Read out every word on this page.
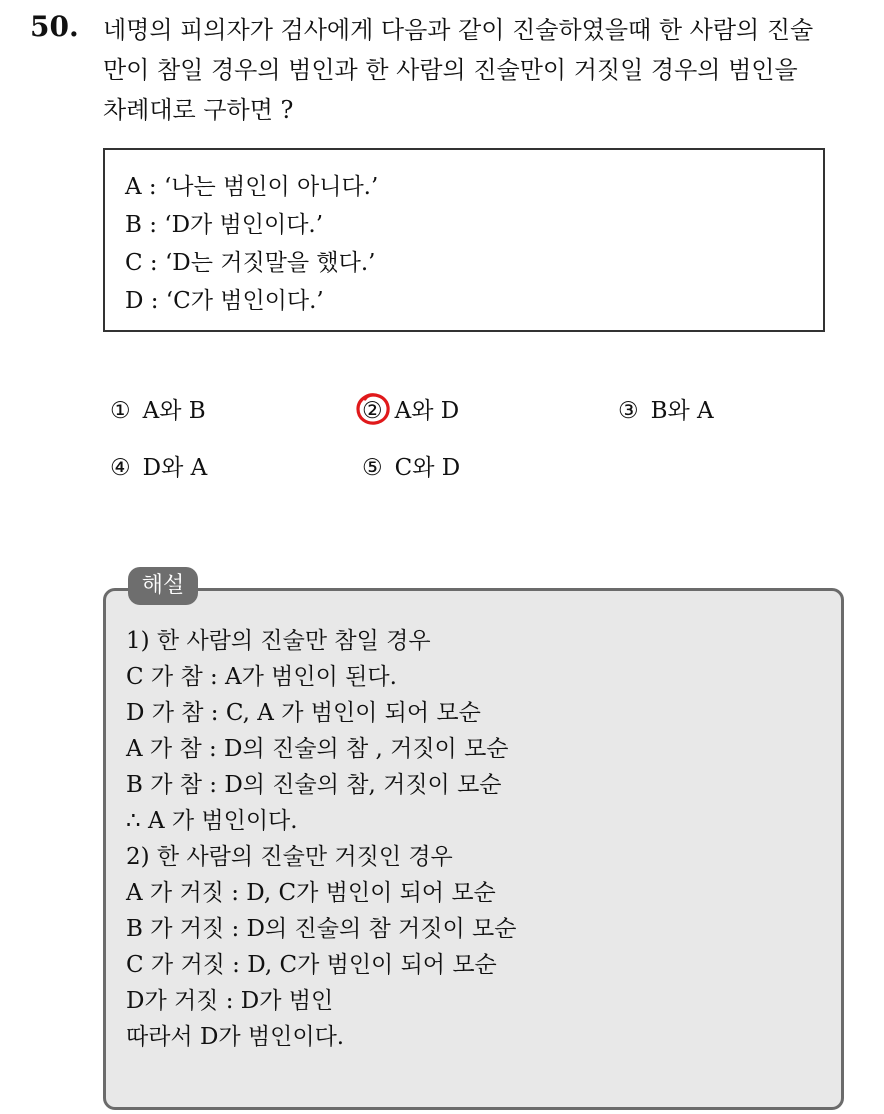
50. 네명의 피의자가 검사에게 다음과 같이 진술하였을때 한 사람의 진술
만이 참일 경우의 범인과 한 사람의 진술만이 거짓일 경우의 범인을
차례대로 구하면 ?
A : ‘나는 범인이 아니다.’
B : ‘D가 범인이다.’
C : ‘D는 거짓말을 했다.’
D : ‘C가 범인이다.’
① A와 B	② A와 D	③ B와 A
④ D와 A	⑤ C와 D
1) 한 사람의 진술만 참일 경우
C 가 참 : A가 범인이 된다.
D 가 참 : C, A 가 범인이 되어 모순
A 가 참 : D의 진술의 참 , 거짓이 모순
B 가 참 : D의 진술의 참, 거짓이 모순
∴ A 가 범인이다.
2) 한 사람의 진술만 거짓인 경우
A 가 거짓 : D, C가 범인이 되어 모순
B 가 거짓 : D의 진술의 참 거짓이 모순
C 가 거짓 : D, C가 범인이 되어 모순
D가 거짓 : D가 범인
따라서 D가 범인이다.
해설
